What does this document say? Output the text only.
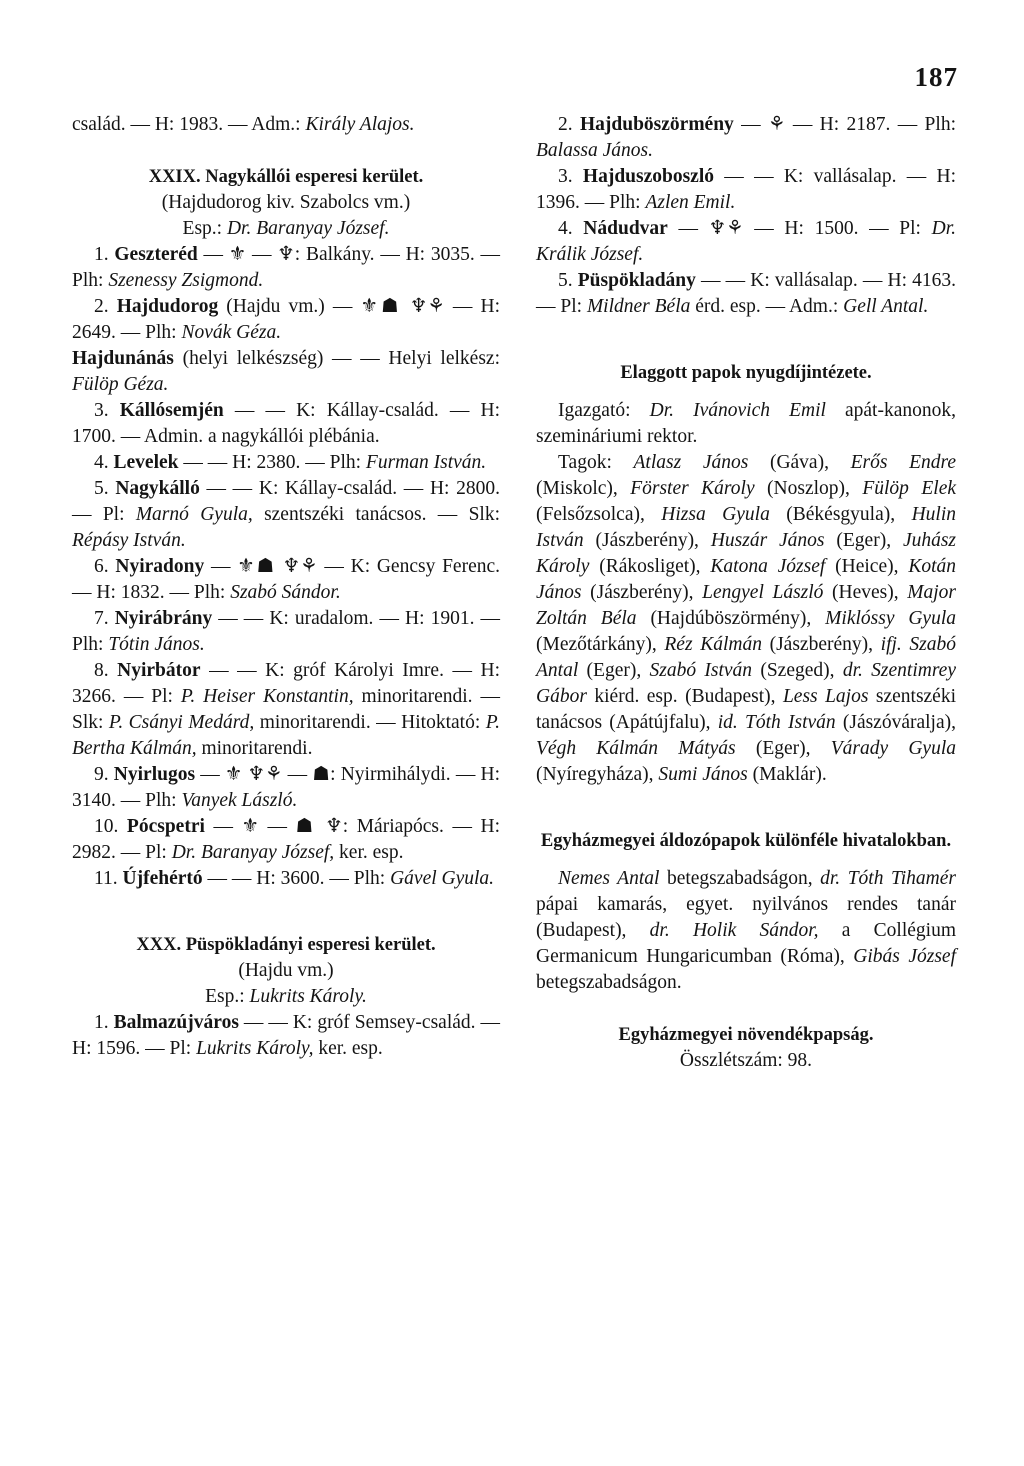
187

család. — H: 1983. — Adm.: Király Alajos.

XXIX. Nagykállói esperesi kerület.

(Hajdudorog kiv. Szabolcs vm.)

Esp.: Dr. Baranyay József.

1. Geszteréd — ⚜ — ♆: Balkány. — H: 3035. — Plh: Szenessy Zsigmond.

2. Hajdudorog (Hajdu vm.) — ⚜☗ ♆⚘ — H: 2649. — Plh: Novák Géza.

Hajdunánás (helyi lelkészség) — — Helyi lelkész: Fülöp Géza.

3. Kállósemjén — — K: Kállay-család. — H: 1700. — Admin. a nagykállói plébánia.

4. Levelek — — H: 2380. — Plh: Furman István.

5. Nagykálló — — K: Kállay-család. — H: 2800. — Pl: Marnó Gyula, szentszéki tanácsos. — Slk: Répásy István.

6. Nyiradony — ⚜☗ ♆⚘ — K: Gencsy Ferenc. — H: 1832. — Plh: Szabó Sándor.

7. Nyirábrány — — K: uradalom. — H: 1901. — Plh: Tótin János.

8. Nyirbátor — — K: gróf Károlyi Imre. — H: 3266. — Pl: P. Heiser Konstantin, minoritarendi. — Slk: P. Csányi Medárd, minoritarendi. — Hitoktató: P. Bertha Kálmán, minoritarendi.

9. Nyirlugos — ⚜ ♆⚘ — ☗: Nyirmihálydi. — H: 3140. — Plh: Vanyek László.

10. Pócspetri — ⚜ — ☗ ♆: Máriapócs. — H: 2982. — Pl: Dr. Baranyay József, ker. esp.

11. Újfehértó — — H: 3600. — Plh: Gável Gyula.

XXX. Püspökladányi esperesi kerület.

(Hajdu vm.)

Esp.: Lukrits Károly.

1. Balmazújváros — — K: gróf Semsey-család. — H: 1596. — Pl: Lukrits Károly, ker. esp.

2. Hajduböszörmény — ⚘ — H: 2187. — Plh: Balassa János.

3. Hajduszoboszló — — K: vallásalap. — H: 1396. — Plh: Azlen Emil.

4. Nádudvar — ♆⚘ — H: 1500. — Pl: Dr. Králik József.

5. Püspökladány — — K: vallásalap. — H: 4163. — Pl: Mildner Béla érd. esp. — Adm.: Gell Antal.

Elaggott papok nyugdíjintézete.

Igazgató: Dr. Ivánovich Emil apát-kanonok, szemináriumi rektor.

Tagok: Atlasz János (Gáva), Erős Endre (Miskolc), Förster Károly (Noszlop), Fülöp Elek (Felsőzsolca), Hizsa Gyula (Békésgyula), Hulin István (Jászberény), Huszár János (Eger), Juhász Károly (Rákosliget), Katona József (Heice), Kotán János (Jászberény), Lengyel László (Heves), Major Zoltán Béla (Hajdúböszörmény), Miklóssy Gyula (Mezőtárkány), Réz Kálmán (Jászberény), ifj. Szabó Antal (Eger), Szabó István (Szeged), dr. Szentimrey Gábor kiérd. esp. (Budapest), Less Lajos szentszéki tanácsos (Apátújfalu), id. Tóth István (Jászóváralja), Végh Kálmán Mátyás (Eger), Várady Gyula (Nyíregyháza), Sumi János (Maklár).

Egyházmegyei áldozópapok különféle hivatalokban.

Nemes Antal betegszabadságon, dr. Tóth Tihamér pápai kamarás, egyet. nyilvános rendes tanár (Budapest), dr. Holik Sándor, a Collégium Germanicum Hungaricumban (Róma), Gibás József betegszabadságon.

Egyházmegyei növendékpapság.

Összlétszám: 98.
